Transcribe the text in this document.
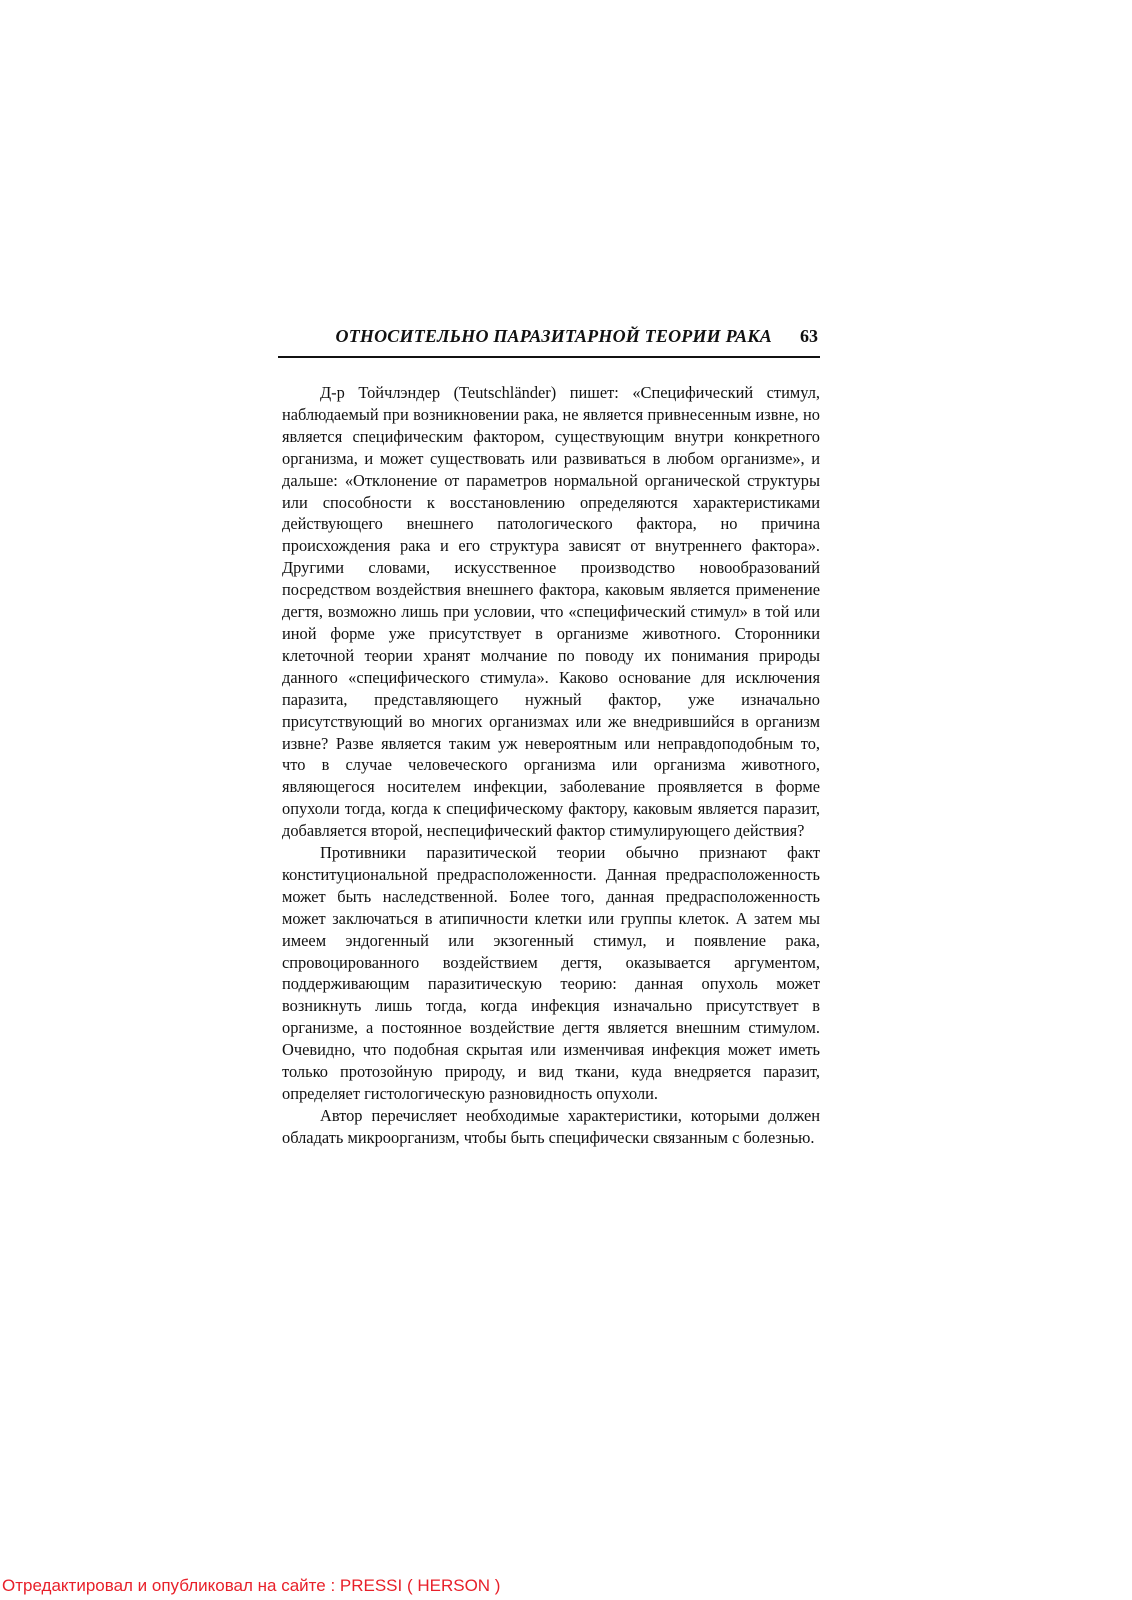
ОТНОСИТЕЛЬНО ПАРАЗИТАРНОЙ ТЕОРИИ РАКА 63

Д-р Тойчлэндер (Teutschländer) пишет: «Специфический стимул, наблюдаемый при возникновении рака, не является привнесенным извне, но является специфическим фактором, существующим внутри конкретного организма, и может существовать или развиваться в любом организме», и дальше: «Отклонение от параметров нормальной органической структуры или способности к восстановлению определяются характеристиками действующего внешнего патологического фактора, но причина происхождения рака и его структура зависят от внутреннего фактора». Другими словами, искусственное производство новообразований посредством воздействия внешнего фактора, каковым является применение дегтя, возможно лишь при условии, что «специфический стимул» в той или иной форме уже присутствует в организме животного. Сторонники клеточной теории хранят молчание по поводу их понимания природы данного «специфического стимула». Каково основание для исключения паразита, представляющего нужный фактор, уже изначально присутствующий во многих организмах или же внедрившийся в организм извне? Разве является таким уж невероятным или неправдоподобным то, что в случае человеческого организма или организма животного, являющегося носителем инфекции, заболевание проявляется в форме опухоли тогда, когда к специфическому фактору, каковым является паразит, добавляется второй, неспецифический фактор стимулирующего действия?

Противники паразитической теории обычно признают факт конституциональной предрасположенности. Данная предрасположенность может быть наследственной. Более того, данная предрасположенность может заключаться в атипичности клетки или группы клеток. А затем мы имеем эндогенный или экзогенный стимул, и появление рака, спровоцированного воздействием дегтя, оказывается аргументом, поддерживающим паразитическую теорию: данная опухоль может возникнуть лишь тогда, когда инфекция изначально присутствует в организме, а постоянное воздействие дегтя является внешним стимулом. Очевидно, что подобная скрытая или изменчивая инфекция может иметь только протозойную природу, и вид ткани, куда внедряется паразит, определяет гистологическую разновидность опухоли.

Автор перечисляет необходимые характеристики, которыми должен обладать микроорганизм, чтобы быть специфически связанным с болезнью.

Отредактировал и опубликовал на сайте : PRESSI ( HERSON )
